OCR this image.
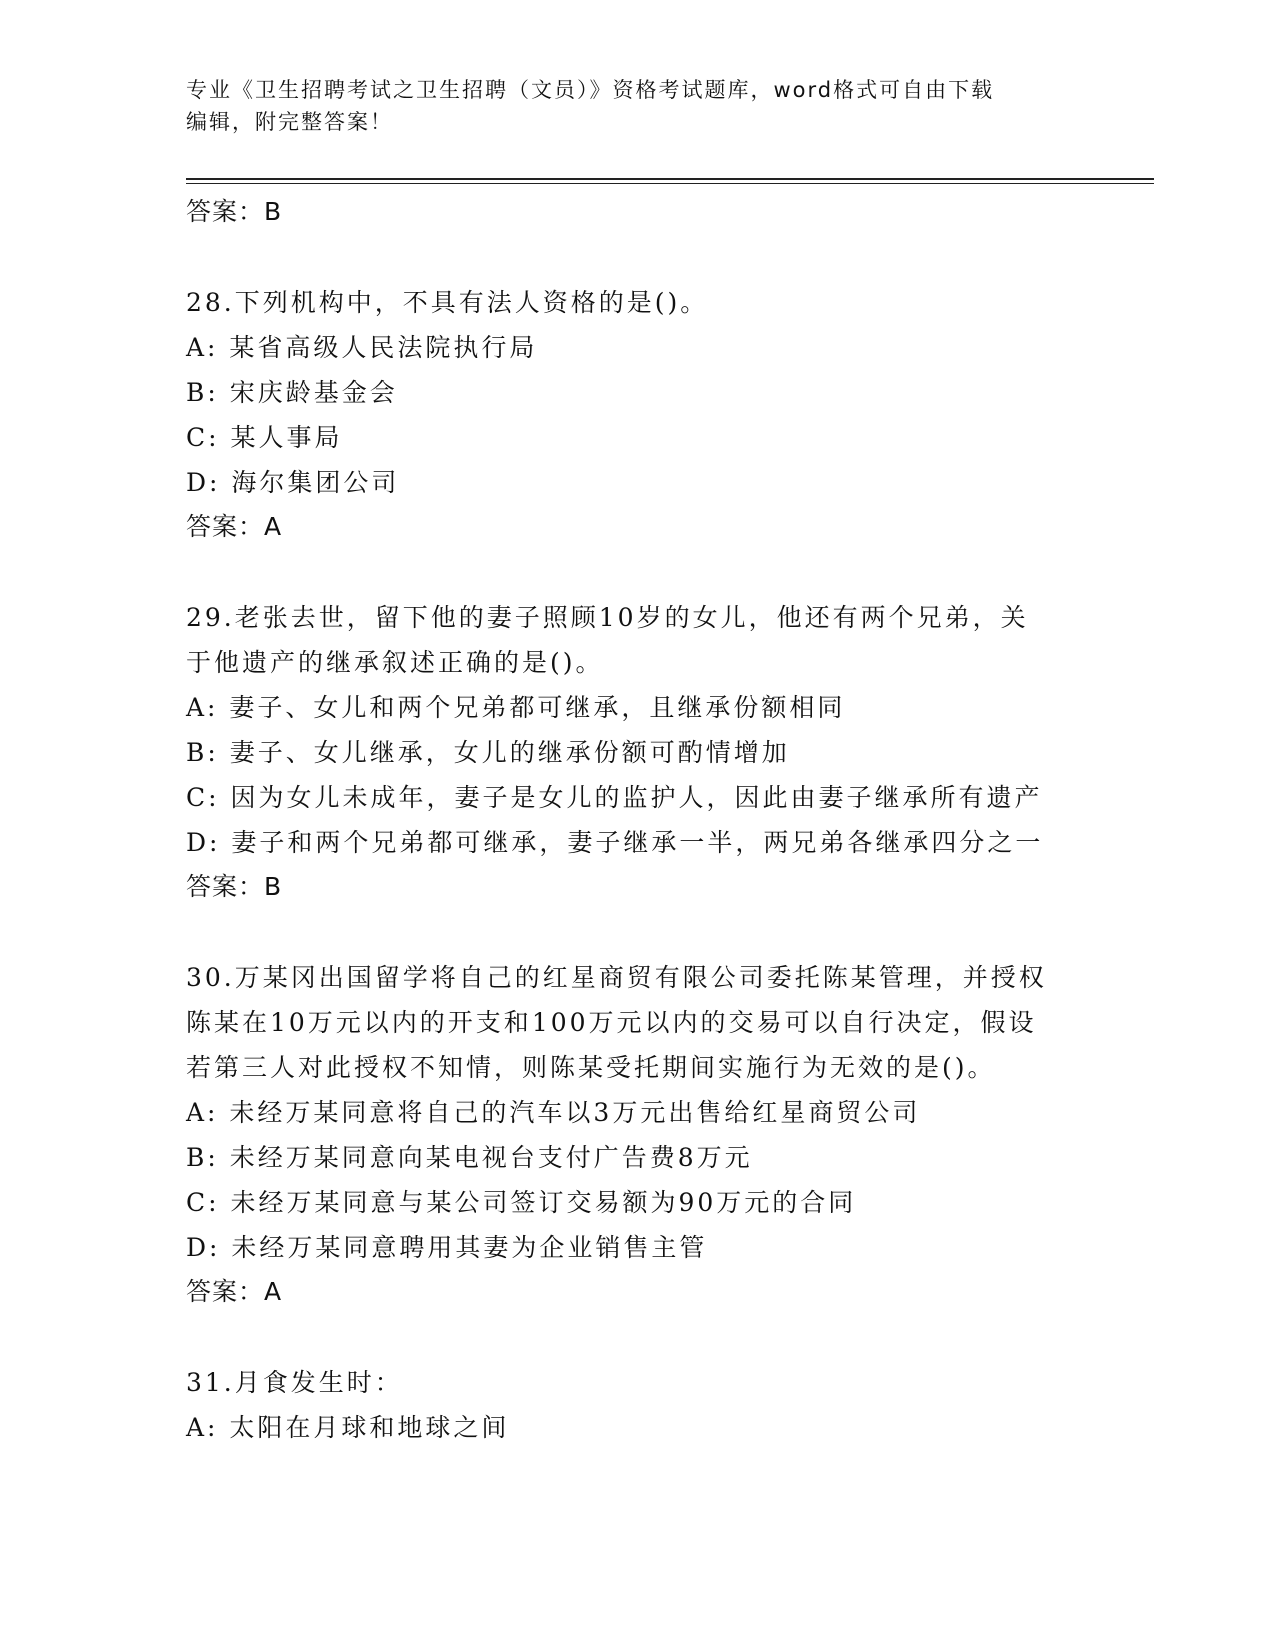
专业《卫生招聘考试之卫生招聘（文员）》资格考试题库，word格式可自由下载
编辑，附完整答案！
答案：B
28.下列机构中，不具有法人资格的是()。
A: 某省高级人民法院执行局
B: 宋庆龄基金会
C: 某人事局
D: 海尔集团公司
答案：A
29.老张去世，留下他的妻子照顾10岁的女儿，他还有两个兄弟，关
于他遗产的继承叙述正确的是()。
A: 妻子、女儿和两个兄弟都可继承，且继承份额相同
B: 妻子、女儿继承，女儿的继承份额可酌情增加
C: 因为女儿未成年，妻子是女儿的监护人，因此由妻子继承所有遗产
D: 妻子和两个兄弟都可继承，妻子继承一半，两兄弟各继承四分之一
答案：B
30.万某冈出国留学将自己的红星商贸有限公司委托陈某管理，并授权
陈某在10万元以内的开支和100万元以内的交易可以自行决定，假设
若第三人对此授权不知情，则陈某受托期间实施行为无效的是()。
A: 未经万某同意将自己的汽车以3万元出售给红星商贸公司
B: 未经万某同意向某电视台支付广告费8万元
C: 未经万某同意与某公司签订交易额为90万元的合同
D: 未经万某同意聘用其妻为企业销售主管
答案：A
31.月食发生时：
A: 太阳在月球和地球之间
